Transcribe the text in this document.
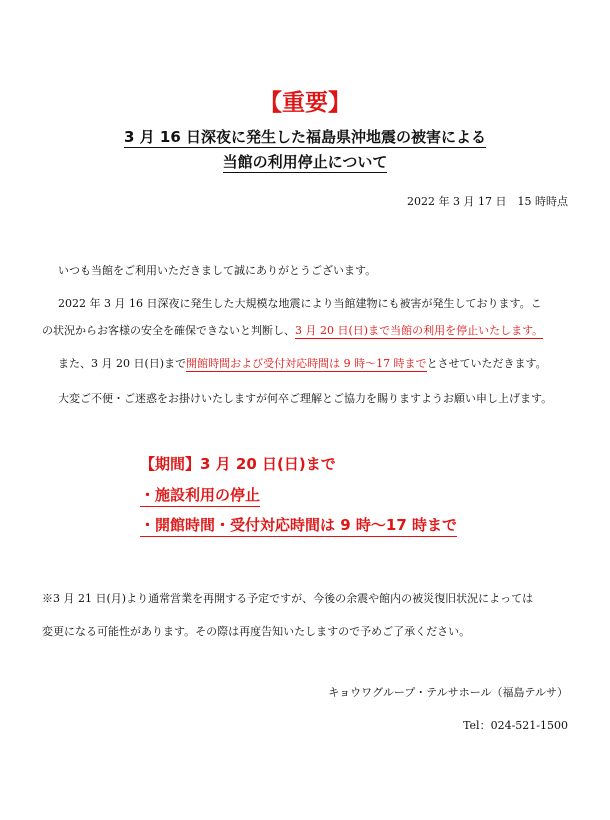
【重要】
3 月 16 日深夜に発生した福島県沖地震の被害による
当館の利用停止について
2022 年 3 月 17 日　15 時時点
いつも当館をご利用いただきまして誠にありがとうございます。
2022 年 3 月 16 日深夜に発生した大規模な地震により当館建物にも被害が発生しております。こ
の状況からお客様の安全を確保できないと判断し、3 月 20 日(日)まで当館の利用を停止いたします。
また、3 月 20 日(日)まで開館時間および受付対応時間は 9 時～17 時までとさせていただきます。
大変ご不便・ご迷惑をお掛けいたしますが何卒ご理解とご協力を賜りますようお願い申し上げます。
【期間】3 月 20 日(日)まで
・施設利用の停止
・開館時間・受付対応時間は 9 時～17 時まで
※3 月 21 日(月)より通常営業を再開する予定ですが、今後の余震や館内の被災復旧状況によっては
変更になる可能性があります。その際は再度告知いたしますので予めご了承ください。
キョウワグループ・テルサホール（福島テルサ）
Tel：024-521-1500
